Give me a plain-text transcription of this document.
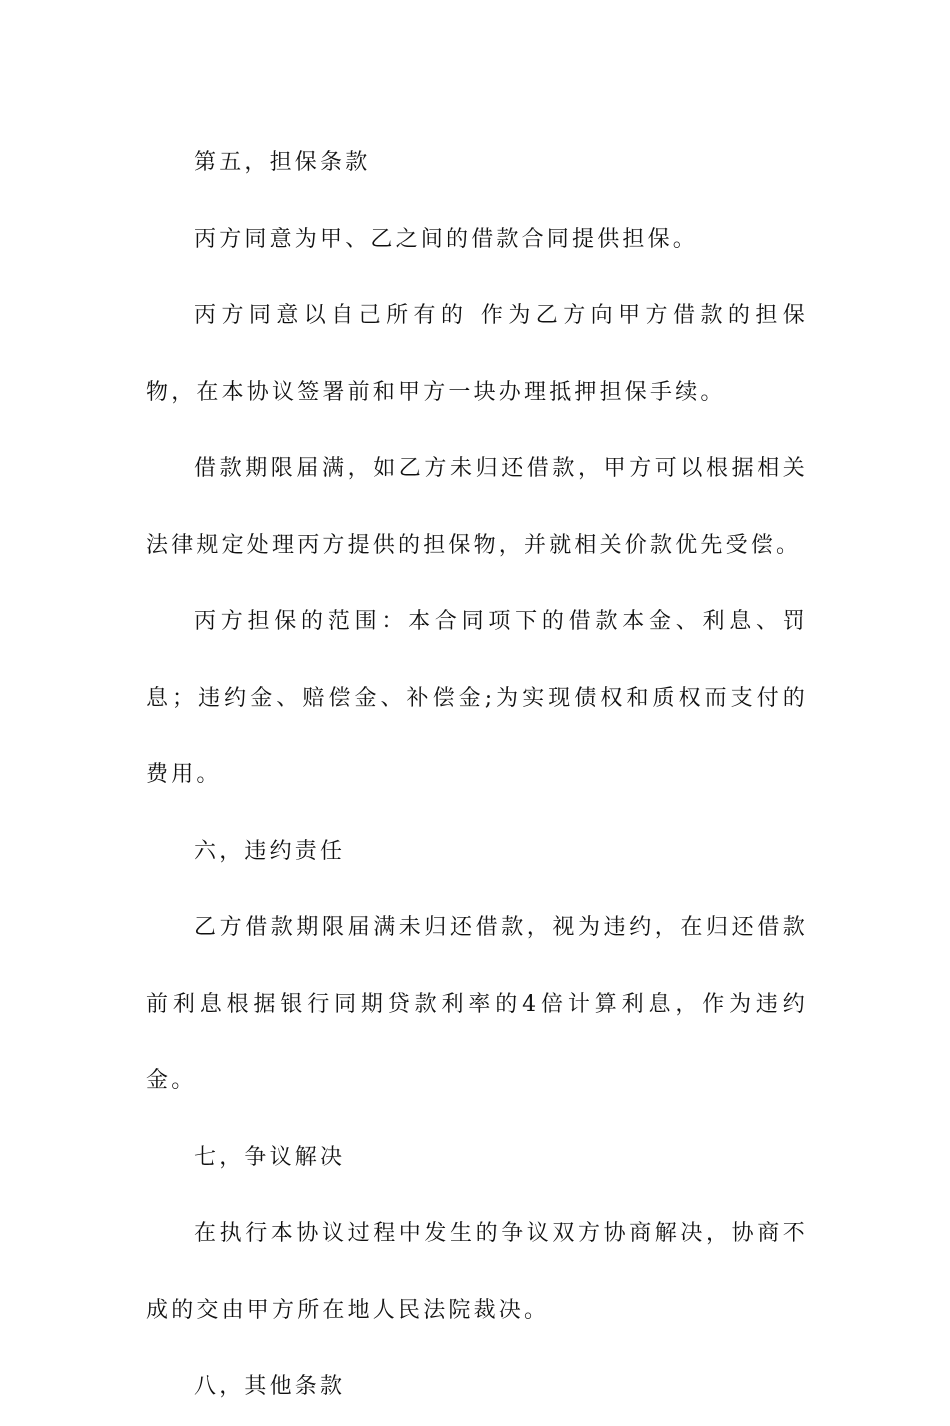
第五，担保条款

丙方同意为甲、乙之间的借款合同提供担保。

丙方同意以自己所有的 作为乙方向甲方借款的担保物，在本协议签署前和甲方一块办理抵押担保手续。

借款期限届满，如乙方未归还借款，甲方可以根据相关法律规定处理丙方提供的担保物，并就相关价款优先受偿。

丙方担保的范围：本合同项下的借款本金、利息、罚息；违约金、赔偿金、补偿金;为实现债权和质权而支付的费用。

六，违约责任

乙方借款期限届满未归还借款，视为违约，在归还借款前利息根据银行同期贷款利率的4倍计算利息，作为违约金。

七，争议解决

在执行本协议过程中发生的争议双方协商解决，协商不成的交由甲方所在地人民法院裁决。

八，其他条款
